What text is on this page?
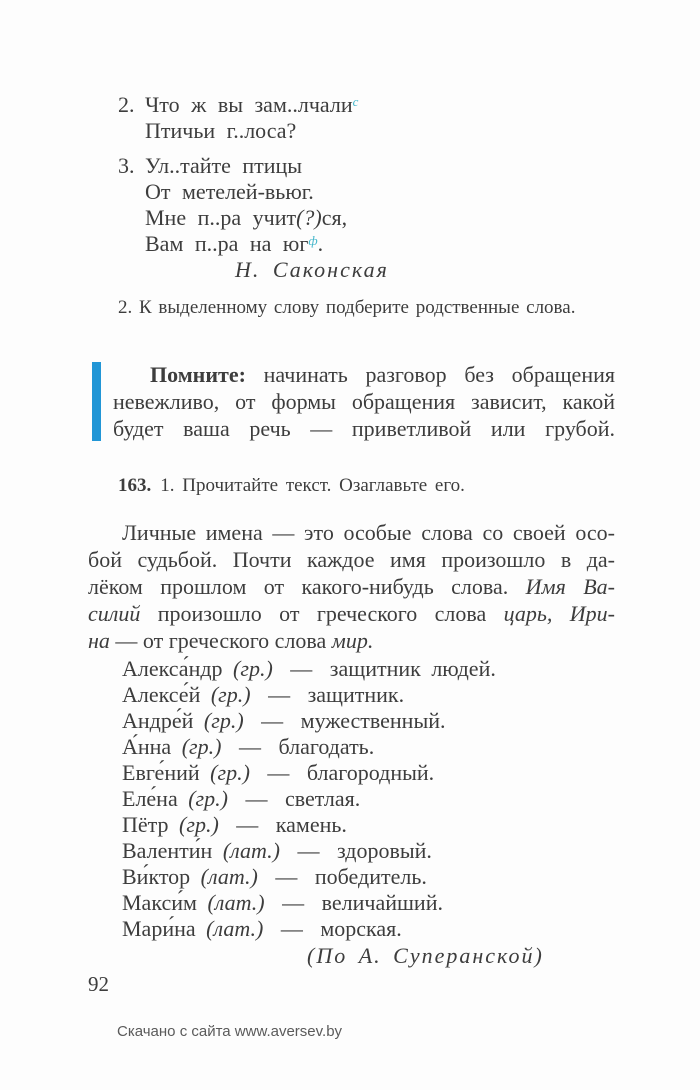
2. Что ж вы зам..лчали$^с$
Птичьи г..лоса?
3. Ул..тайте птицы
От метелей-вьюг.
Мне п..ра учит(?)ся,
Вам п..ра на $юг^ф$.
Н. Саконская
2. К выделенному слову подберите родственные слова.
Помните: начинать разговор без обращения
невежливо, от формы обращения зависит, какой
будет ваша речь — приветливой или грубой.
163. 1. Прочитайте текст. Озаглавьте его.
Личные имена — это особые слова со своей осо-
бой судьбой. Почти каждое имя произошло в да-
лёком прошлом от какого-нибудь слова. Имя Ва-
силий произошло от греческого слова царь, Ири-
на — от греческого слова мир.
Алекса́ндр (гр.) — защитник людей.
Алексе́й (гр.) — защитник.
Андре́й (гр.) — мужественный.
А́нна (гр.) — благодать.
Евге́ний (гр.) — благородный.
Еле́на (гр.) — светлая.
Пётр (гр.) — камень.
Валенти́н (лат.) — здоровый.
Ви́ктор (лат.) — победитель.
Макси́м (лат.) — величайший.
Мари́на (лат.) — морская.
(По А. Суперанской)
92
Скачано с сайта www.aversev.by
